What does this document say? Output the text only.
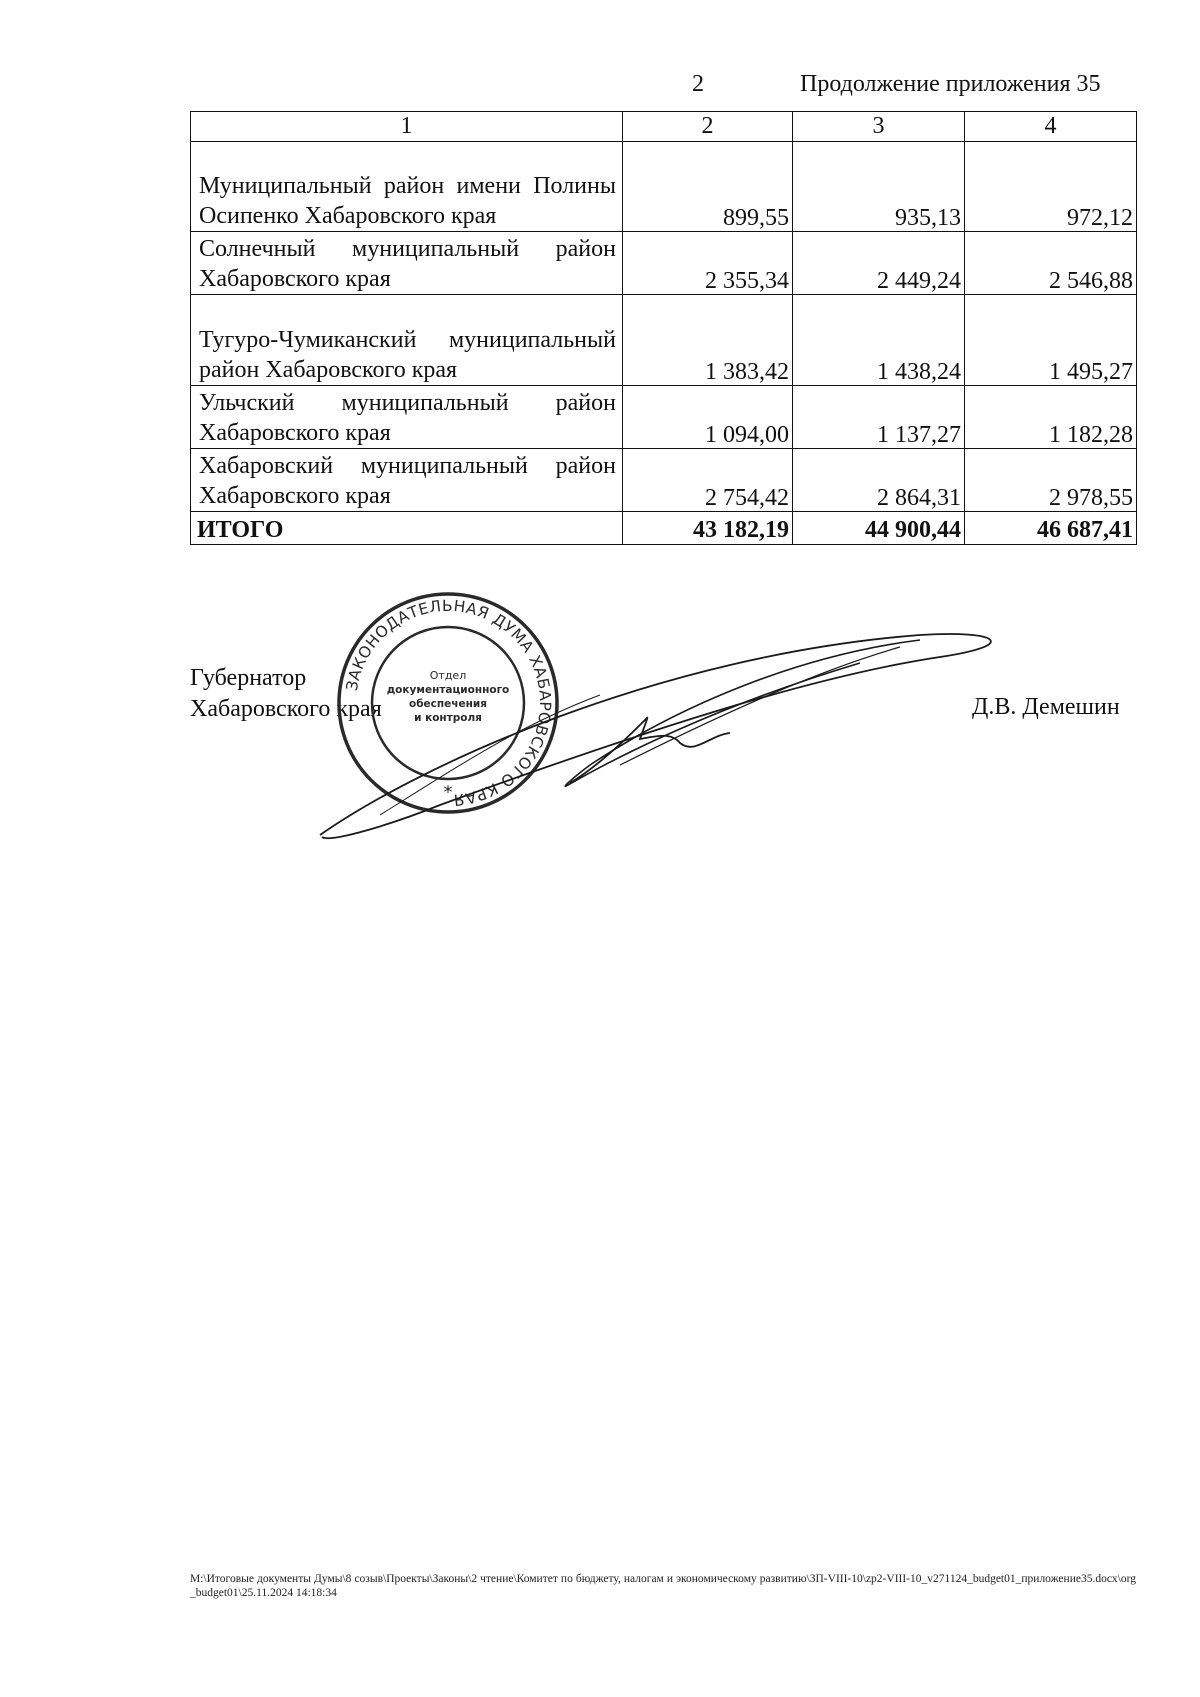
2	Продолжение приложения 35
1	2	3	4
Муниципальный район имени Полины Осипенко Хабаровского края	899,55	935,13	972,12
Солнечный муниципальный район Хабаровского края	2 355,34	2 449,24	2 546,88
Тугуро-Чумиканский муниципальный район Хабаровского края	1 383,42	1 438,24	1 495,27
Ульчский муниципальный район Хабаровского края	1 094,00	1 137,27	1 182,28
Хабаровский муниципальный район Хабаровского края	2 754,42	2 864,31	2 978,55
ИТОГО	43 182,19	44 900,44	46 687,41
Губернатор
Хабаровского края	Д.В. Демешин
ЗАКОНОДАТЕЛЬНАЯ ДУМА ХАБАРОВСКОГО КРАЯ
Отдел
документационного
обеспечения
и контроля
*
M:\Итоговые документы Думы\8 созыв\Проекты\Законы\2 чтение\Комитет по бюджету, налогам и экономическому развитию\ЗП-VIII-10\zp2-VIII-10_v271124_budget01_приложение35.docx\org_budget01\25.11.2024 14:18:34
